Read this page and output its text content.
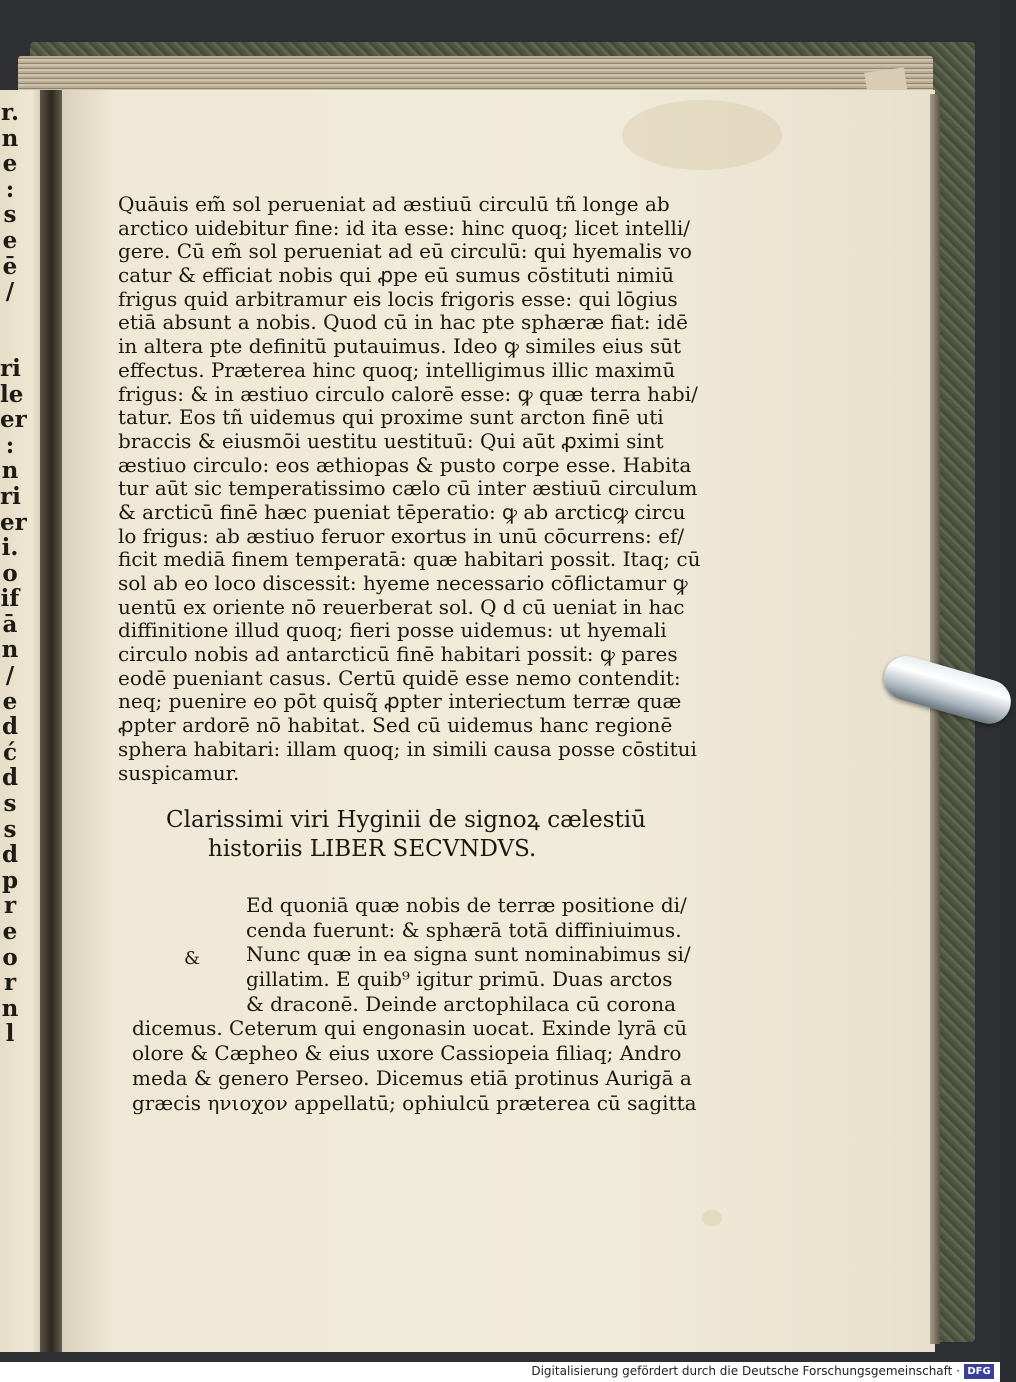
r.
n
e
:
s
e
ē
/
ri
le
er
:
n
ri
er
i.
o
if
ā
n
/
e
d
ć
d
s
s
d
p
r
e
o
r
n
l
Quāuis em̃ sol perueniat ad æstiuū circulū tñ longe ab
arctico uidebitur fine: id ita esse: hinc quoq; licet intelli/
gere. Cū em̃ sol perueniat ad eū circulū: qui hyemalis vo
catur & efficiat nobis qui ꝓpe eū sumus cōstituti nimiū
frigus quid arbitramur eis locis frigoris esse: qui lōgius
etiā absunt a nobis. Quod cū in hac pte sphæræ fiat: idē
in altera pte definitū putauimus. Ideo ꝙ similes eius sūt
effectus. Præterea hinc quoq; intelligimus illic maximū
frigus: & in æstiuo circulo calorē esse: ꝙ quæ terra habi/
tatur. Eos tñ uidemus qui proxime sunt arcton finē uti
braccis & eiusmōi uestitu uestituū: Qui aūt ꝓximi sint
æstiuo circulo: eos æthiopas & pusto corpe esse. Habita
tur aūt sic temperatissimo cælo cū inter æstiuū circulum
& arcticū finē hæc pueniat tēperatio: ꝙ ab arcticꝙ circu
lo frigus: ab æstiuo feruor exortus in unū cōcurrens: ef/
ficit mediā finem temperatā: quæ habitari possit. Itaq; cū
sol ab eo loco discessit: hyeme necessario cōflictamur ꝙ
uentū ex oriente nō reuerberat sol. Q d cū ueniat in hac
diffinitione illud quoq; fieri posse uidemus: ut hyemali
circulo nobis ad antarcticū finē habitari possit: ꝙ pares
eodē pueniant casus. Certū quidē esse nemo contendit:
neq; puenire eo pōt quisq̃ ꝓpter interiectum terræ quæ
ꝓpter ardorē nō habitat. Sed cū uidemus hanc regionē
sphera habitari: illam quoq; in simili causa posse cōstitui
suspicamur.
Clarissimi viri Hyginii de signoꝝ cælestiū
historiis LIBER SECVNDVS.
&
Ed quoniā quæ nobis de terræ positione di/
cenda fuerunt: & sphærā totā diffiniuimus.
Nunc quæ in ea signa sunt nominabimus si/
gillatim. E quib⁹ igitur primū. Duas arctos
& draconē. Deinde arctophilaca cū corona
dicemus. Ceterum qui engonasin uocat. Exinde lyrā cū
olore & Cæpheo & eius uxore Cassiopeia filiaq; Andro
meda & genero Perseo. Dicemus etiā protinus Aurigā a
græcis ηνιοχον appellatū; ophiulcū præterea cū sagitta
Digitalisierung gefördert durch die Deutsche Forschungsgemeinschaft · DFG
